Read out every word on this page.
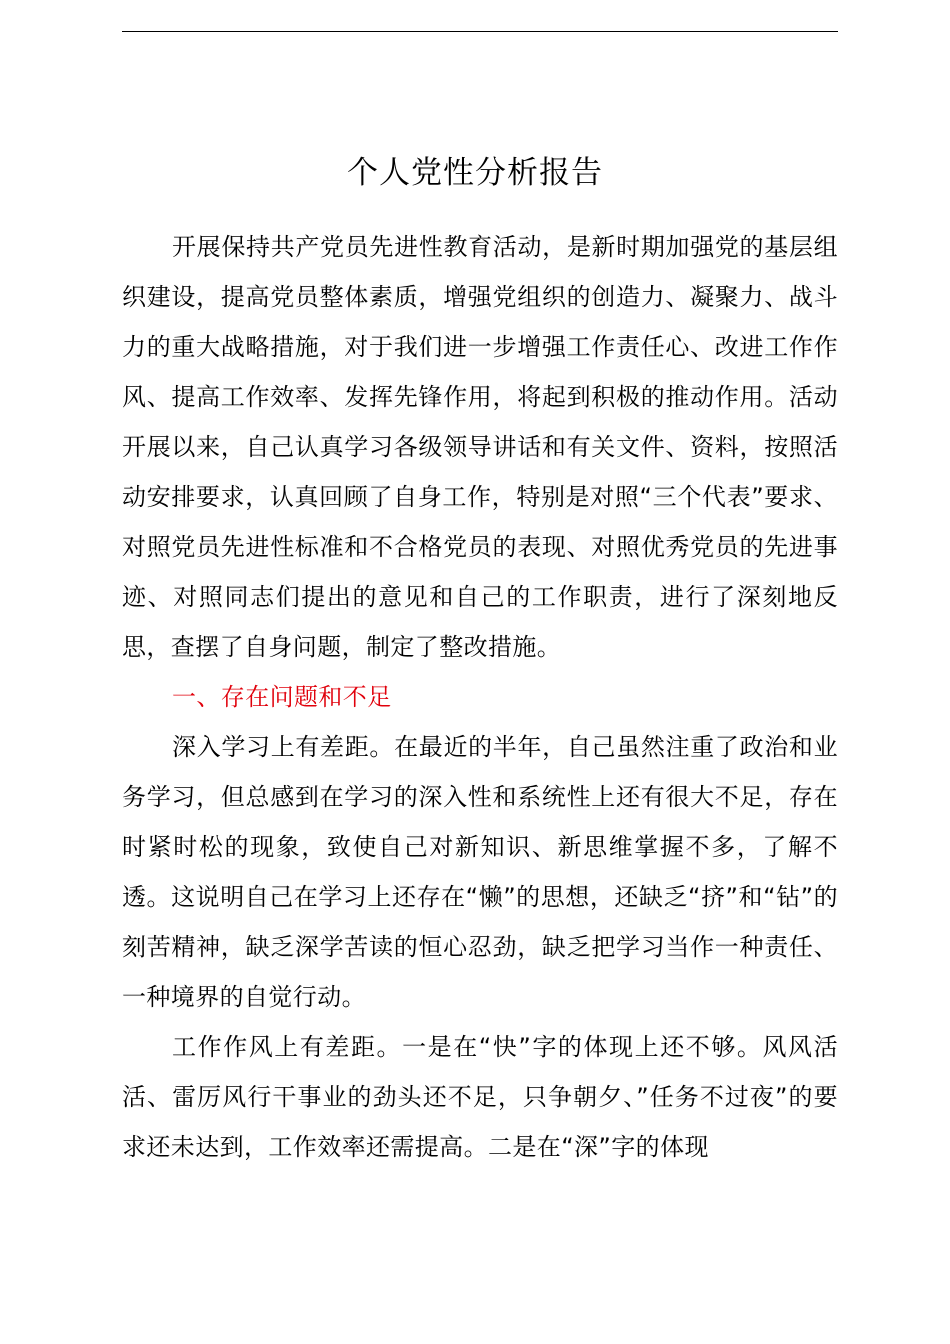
个人党性分析报告

开展保持共产党员先进性教育活动，是新时期加强党的基层组织建设，提高党员整体素质，增强党组织的创造力、凝聚力、战斗力的重大战略措施，对于我们进一步增强工作责任心、改进工作作风、提高工作效率、发挥先锋作用，将起到积极的推动作用。活动开展以来，自己认真学习各级领导讲话和有关文件、资料，按照活动安排要求，认真回顾了自身工作，特别是对照“三个代表”要求、对照党员先进性标准和不合格党员的表现、对照优秀党员的先进事迹、对照同志们提出的意见和自己的工作职责，进行了深刻地反思，查摆了自身问题，制定了整改措施。

一、存在问题和不足

深入学习上有差距。在最近的半年，自己虽然注重了政治和业务学习，但总感到在学习的深入性和系统性上还有很大不足，存在时紧时松的现象，致使自己对新知识、新思维掌握不多，了解不透。这说明自己在学习上还存在“懒”的思想，还缺乏“挤”和“钻”的刻苦精神，缺乏深学苦读的恒心忍劲，缺乏把学习当作一种责任、一种境界的自觉行动。

工作作风上有差距。一是在“快”字的体现上还不够。风风活活、雷厉风行干事业的劲头还不足，只争朝夕、”任务不过夜”的要求还未达到，工作效率还需提高。二是在“深”字的体现
